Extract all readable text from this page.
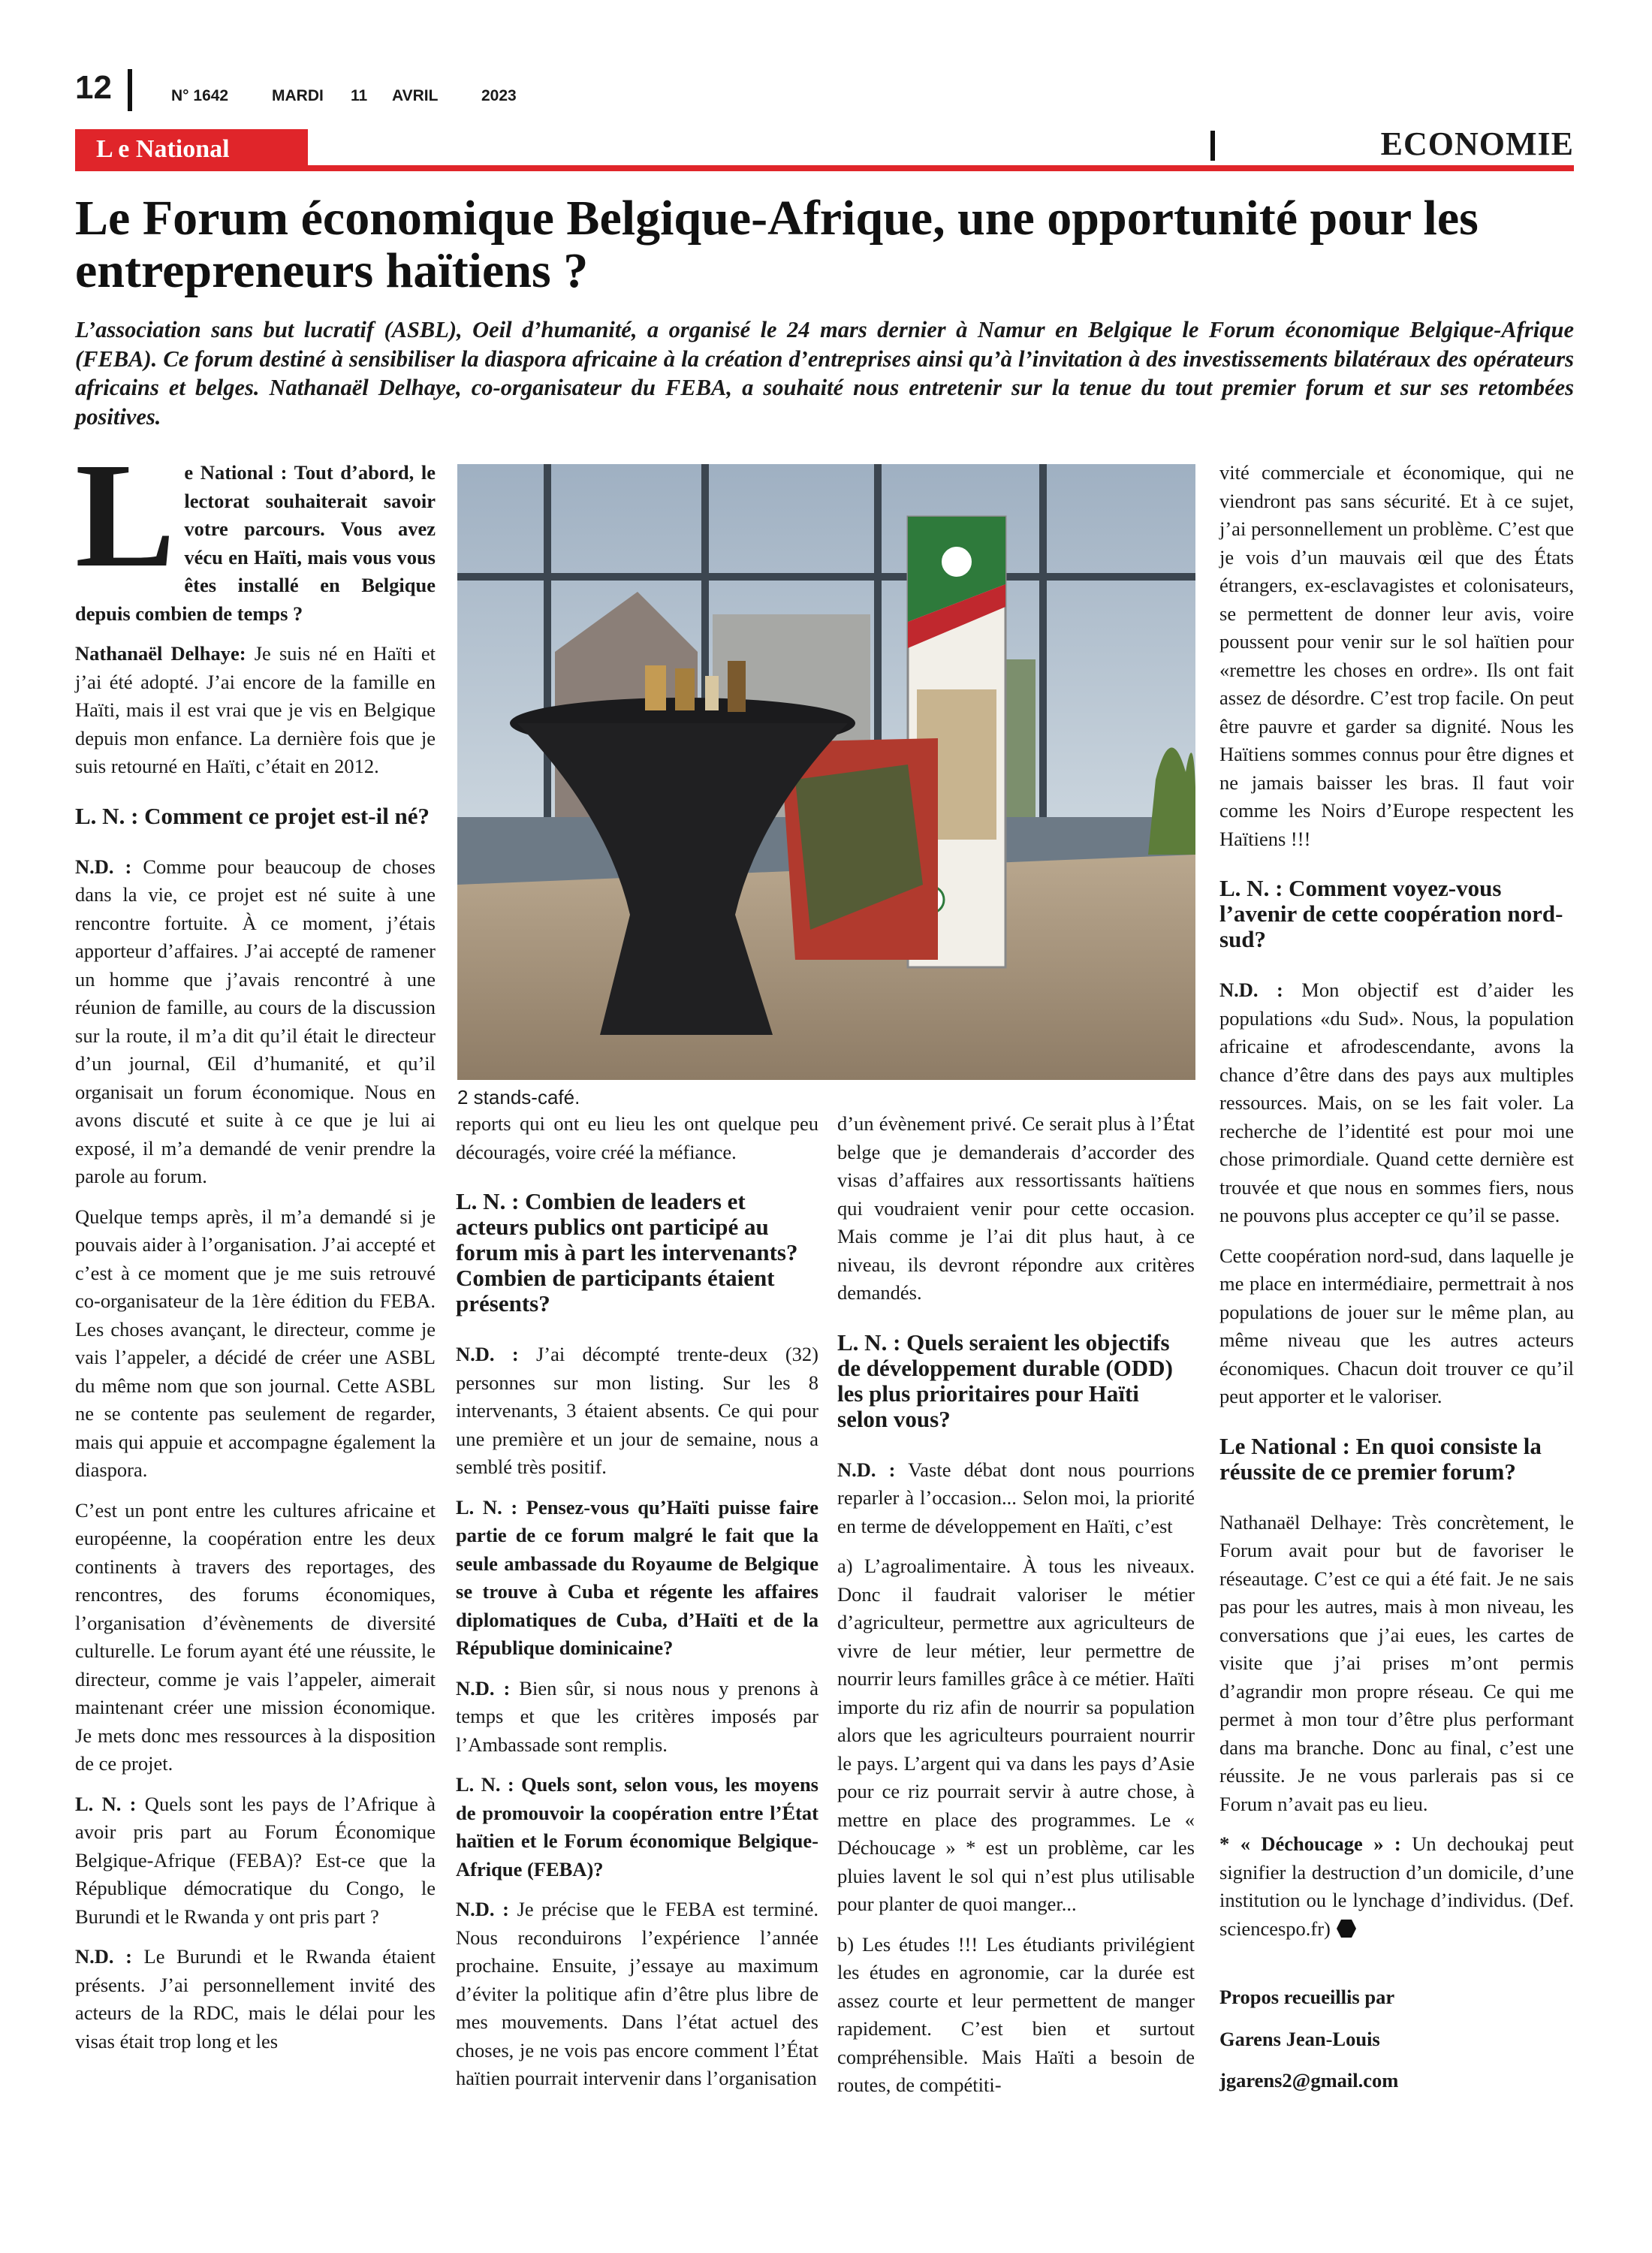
12	N° 1642	MARDI 11 AVRIL	2023
L e National	ECONOMIE
Le Forum économique Belgique-Afrique, une opportunité pour les entrepreneurs haïtiens ?
L’association sans but lucratif (ASBL), Oeil d’humanité, a organisé le 24 mars dernier à Namur en Belgique le Forum économique Belgique-Afrique (FEBA). Ce forum destiné à sensibiliser la diaspora africaine à la création d’entreprises ainsi qu’à l’invitation à des investissements bilatéraux des opérateurs africains et belges. Nathanaël Delhaye, co-organisateur du FEBA, a souhaité nous entretenir sur la tenue du tout premier forum et sur ses retombées positives.

Le National : Tout d’abord, le lectorat souhaiterait savoir votre parcours. Vous avez vécu en Haïti, mais vous vous êtes installé en Belgique depuis combien de temps ?

Nathanaël Delhaye: Je suis né en Haïti et j’ai été adopté. J’ai encore de la famille en Haïti, mais il est vrai que je vis en Belgique depuis mon enfance. La dernière fois que je suis retourné en Haïti, c’était en 2012.

L. N. : Comment ce projet est-il né?

N.D. : Comme pour beaucoup de choses dans la vie, ce projet est né suite à une rencontre fortuite. À ce moment, j’étais apporteur d’affaires. J’ai accepté de ramener un homme que j’avais rencontré à une réunion de famille, au cours de la discussion sur la route, il m’a dit qu’il était le directeur d’un journal, Œil d’humanité, et qu’il organisait un forum économique. Nous en avons discuté et suite à ce que je lui ai exposé, il m’a demandé de venir prendre la parole au forum.

Quelque temps après, il m’a demandé si je pouvais aider à l’organisation. J’ai accepté et c’est à ce moment que je me suis retrouvé co-organisateur de la 1ère édition du FEBA. Les choses avançant, le directeur, comme je vais l’appeler, a décidé de créer une ASBL du même nom que son journal. Cette ASBL ne se contente pas seulement de regarder, mais qui appuie et accompagne également la diaspora.

C’est un pont entre les cultures africaine et européenne, la coopération entre les deux continents à travers des reportages, des rencontres, des forums économiques, l’organisation d’évènements de diversité culturelle. Le forum ayant été une réussite, le directeur, comme je vais l’appeler, aimerait maintenant créer une mission économique. Je mets donc mes ressources à la disposition de ce projet.

L. N. : Quels sont les pays de l’Afrique à avoir pris part au Forum Économique Belgique-Afrique (FEBA)? Est-ce que la République démocratique du Congo, le Burundi et le Rwanda y ont pris part ?

N.D. : Le Burundi et le Rwanda étaient présents. J’ai personnellement invité des acteurs de la RDC, mais le délai pour les visas était trop long et les

2 stands-café.

reports qui ont eu lieu les ont quelque peu découragés, voire créé la méfiance.

L. N. : Combien de leaders et acteurs publics ont participé au forum mis à part les intervenants? Combien de participants étaient présents?

N.D. : J’ai décompté trente-deux (32) personnes sur mon listing. Sur les 8 intervenants, 3 étaient absents. Ce qui pour une première et un jour de semaine, nous a semblé très positif.

L. N. : Pensez-vous qu’Haïti puisse faire partie de ce forum malgré le fait que la seule ambassade du Royaume de Belgique se trouve à Cuba et régente les affaires diplomatiques de Cuba, d’Haïti et de la République dominicaine?

N.D. : Bien sûr, si nous nous y prenons à temps et que les critères imposés par l’Ambassade sont remplis.

L. N. : Quels sont, selon vous, les moyens de promouvoir la coopération entre l’État haïtien et le Forum économique Belgique-Afrique (FEBA)?

N.D. : Je précise que le FEBA est terminé. Nous reconduirons l’expérience l’année prochaine. Ensuite, j’essaye au maximum d’éviter la politique afin d’être plus libre de mes mouvements. Dans l’état actuel des choses, je ne vois pas encore comment l’État haïtien pourrait intervenir dans l’organisation

d’un évènement privé. Ce serait plus à l’État belge que je demanderais d’accorder des visas d’affaires aux ressortissants haïtiens qui voudraient venir pour cette occasion. Mais comme je l’ai dit plus haut, à ce niveau, ils devront répondre aux critères demandés.

L. N. : Quels seraient les objectifs de développement durable (ODD) les plus prioritaires pour Haïti selon vous?

N.D. : Vaste débat dont nous pourrions reparler à l’occasion... Selon moi, la priorité en terme de développement en Haïti, c’est

a) L’agroalimentaire. À tous les niveaux. Donc il faudrait valoriser le métier d’agriculteur, permettre aux agriculteurs de vivre de leur métier, leur permettre de nourrir leurs familles grâce à ce métier. Haïti importe du riz afin de nourrir sa population alors que les agriculteurs pourraient nourrir le pays. L’argent qui va dans les pays d’Asie pour ce riz pourrait servir à autre chose, à mettre en place des programmes. Le « Déchoucage » * est un problème, car les pluies lavent le sol qui n’est plus utilisable pour planter de quoi manger...

b) Les études !!! Les étudiants privilégient les études en agronomie, car la durée est assez courte et leur permettent de manger rapidement. C’est bien et surtout compréhensible. Mais Haïti a besoin de routes, de compétiti-

vité commerciale et économique, qui ne viendront pas sans sécurité. Et à ce sujet, j’ai personnellement un problème. C’est que je vois d’un mauvais œil que des États étrangers, ex-esclavagistes et colonisateurs, se permettent de donner leur avis, voire poussent pour venir sur le sol haïtien pour «remettre les choses en ordre». Ils ont fait assez de désordre. C’est trop facile. On peut être pauvre et garder sa dignité. Nous les Haïtiens sommes connus pour être dignes et ne jamais baisser les bras. Il faut voir comme les Noirs d’Europe respectent les Haïtiens !!!

L. N. : Comment voyez-vous l’avenir de cette coopération nord-sud?

N.D. : Mon objectif est d’aider les populations «du Sud». Nous, la population africaine et afrodescendante, avons la chance d’être dans des pays aux multiples ressources. Mais, on se les fait voler. La recherche de l’identité est pour moi une chose primordiale. Quand cette dernière est trouvée et que nous en sommes fiers, nous ne pouvons plus accepter ce qu’il se passe.

Cette coopération nord-sud, dans laquelle je me place en intermédiaire, permettrait à nos populations de jouer sur le même plan, au même niveau que les autres acteurs économiques. Chacun doit trouver ce qu’il peut apporter et le valoriser.

Le National : En quoi consiste la réussite de ce premier forum?

Nathanaël Delhaye: Très concrètement, le Forum avait pour but de favoriser le réseautage. C’est ce qui a été fait. Je ne sais pas pour les autres, mais à mon niveau, les conversations que j’ai eues, les cartes de visite que j’ai prises m’ont permis d’agrandir mon propre réseau. Ce qui me permet à mon tour d’être plus performant dans ma branche. Donc au final, c’est une réussite. Je ne vous parlerais pas si ce Forum n’avait pas eu lieu.

* « Déchoucage » : Un dechoukaj peut signifier la destruction d’un domicile, d’une institution ou le lynchage d’individus. (Def. sciencespo.fr)

Propos recueillis par

Garens Jean-Louis

jgarens2@gmail.com
